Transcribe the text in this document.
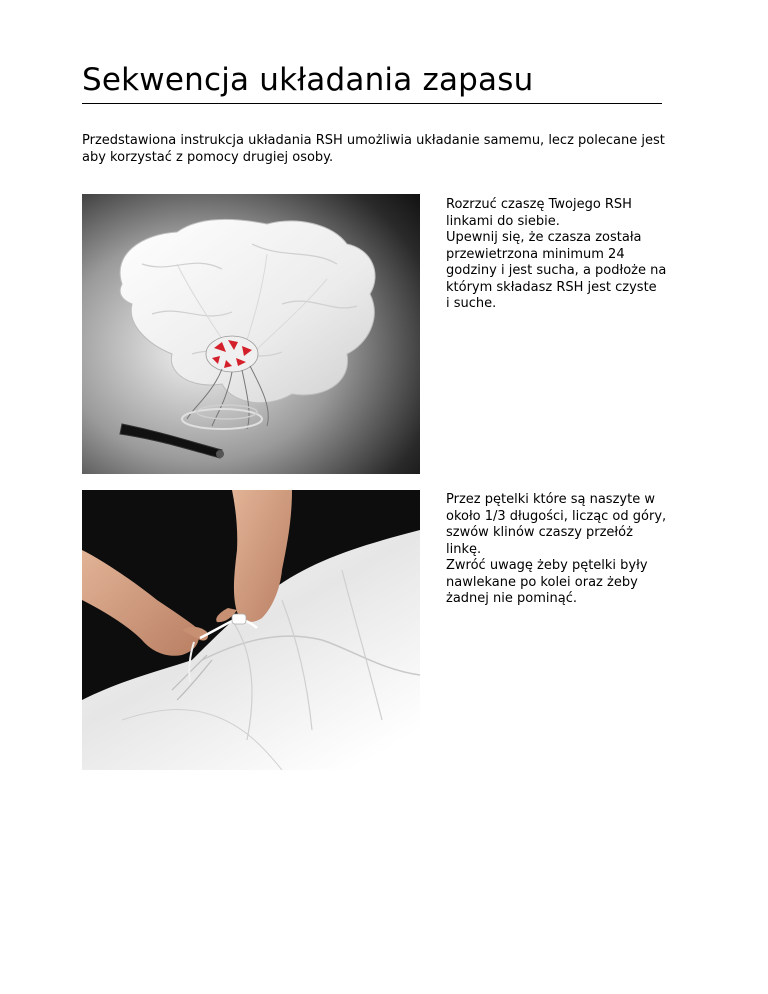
Sekwencja układania zapasu

Przedstawiona instrukcja układania RSH umożliwia układanie samemu, lecz polecane jest aby korzystać z pomocy drugiej osoby.

Rozrzuć czaszę Twojego RSH
linkami do siebie.
Upewnij się, że czasza została
przewietrzona minimum 24
godziny i jest sucha, a podłoże na
którym składasz RSH jest czyste
i suche.

Przez pętelki które są naszyte w
około 1/3 długości, licząc od góry,
szwów klinów czaszy przełóż
linkę.
Zwróć uwagę żeby pętelki były
nawlekane po kolei oraz żeby
żadnej nie pominąć.
